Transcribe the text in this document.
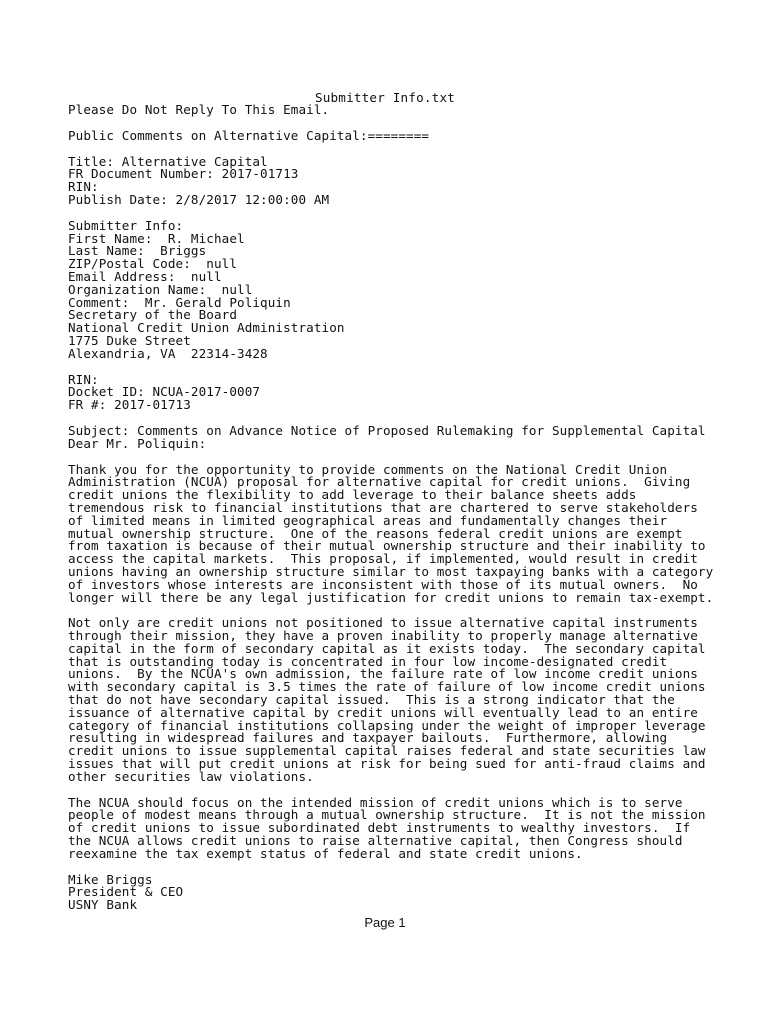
Submitter Info.txt
Please Do Not Reply To This Email.
Public Comments on Alternative Capital:========
Title: Alternative Capital
FR Document Number: 2017-01713
RIN:
Publish Date: 2/8/2017 12:00:00 AM
Submitter Info:
First Name:  R. Michael
Last Name:  Briggs
ZIP/Postal Code:  null
Email Address:  null
Organization Name:  null
Comment:  Mr. Gerald Poliquin
Secretary of the Board
National Credit Union Administration
1775 Duke Street
Alexandria, VA  22314-3428
RIN:
Docket ID: NCUA-2017-0007
FR #: 2017-01713
Subject: Comments on Advance Notice of Proposed Rulemaking for Supplemental Capital
Dear Mr. Poliquin:
Thank you for the opportunity to provide comments on the National Credit Union
Administration (NCUA) proposal for alternative capital for credit unions.  Giving
credit unions the flexibility to add leverage to their balance sheets adds
tremendous risk to financial institutions that are chartered to serve stakeholders
of limited means in limited geographical areas and fundamentally changes their
mutual ownership structure.  One of the reasons federal credit unions are exempt
from taxation is because of their mutual ownership structure and their inability to
access the capital markets.  This proposal, if implemented, would result in credit
unions having an ownership structure similar to most taxpaying banks with a category
of investors whose interests are inconsistent with those of its mutual owners.  No
longer will there be any legal justification for credit unions to remain tax-exempt.
Not only are credit unions not positioned to issue alternative capital instruments
through their mission, they have a proven inability to properly manage alternative
capital in the form of secondary capital as it exists today.  The secondary capital
that is outstanding today is concentrated in four low income-designated credit
unions.  By the NCUA's own admission, the failure rate of low income credit unions
with secondary capital is 3.5 times the rate of failure of low income credit unions
that do not have secondary capital issued.  This is a strong indicator that the
issuance of alternative capital by credit unions will eventually lead to an entire
category of financial institutions collapsing under the weight of improper leverage
resulting in widespread failures and taxpayer bailouts.  Furthermore, allowing
credit unions to issue supplemental capital raises federal and state securities law
issues that will put credit unions at risk for being sued for anti-fraud claims and
other securities law violations.
The NCUA should focus on the intended mission of credit unions which is to serve
people of modest means through a mutual ownership structure.  It is not the mission
of credit unions to issue subordinated debt instruments to wealthy investors.  If
the NCUA allows credit unions to raise alternative capital, then Congress should
reexamine the tax exempt status of federal and state credit unions.
Mike Briggs
President & CEO
USNY Bank
Page 1
